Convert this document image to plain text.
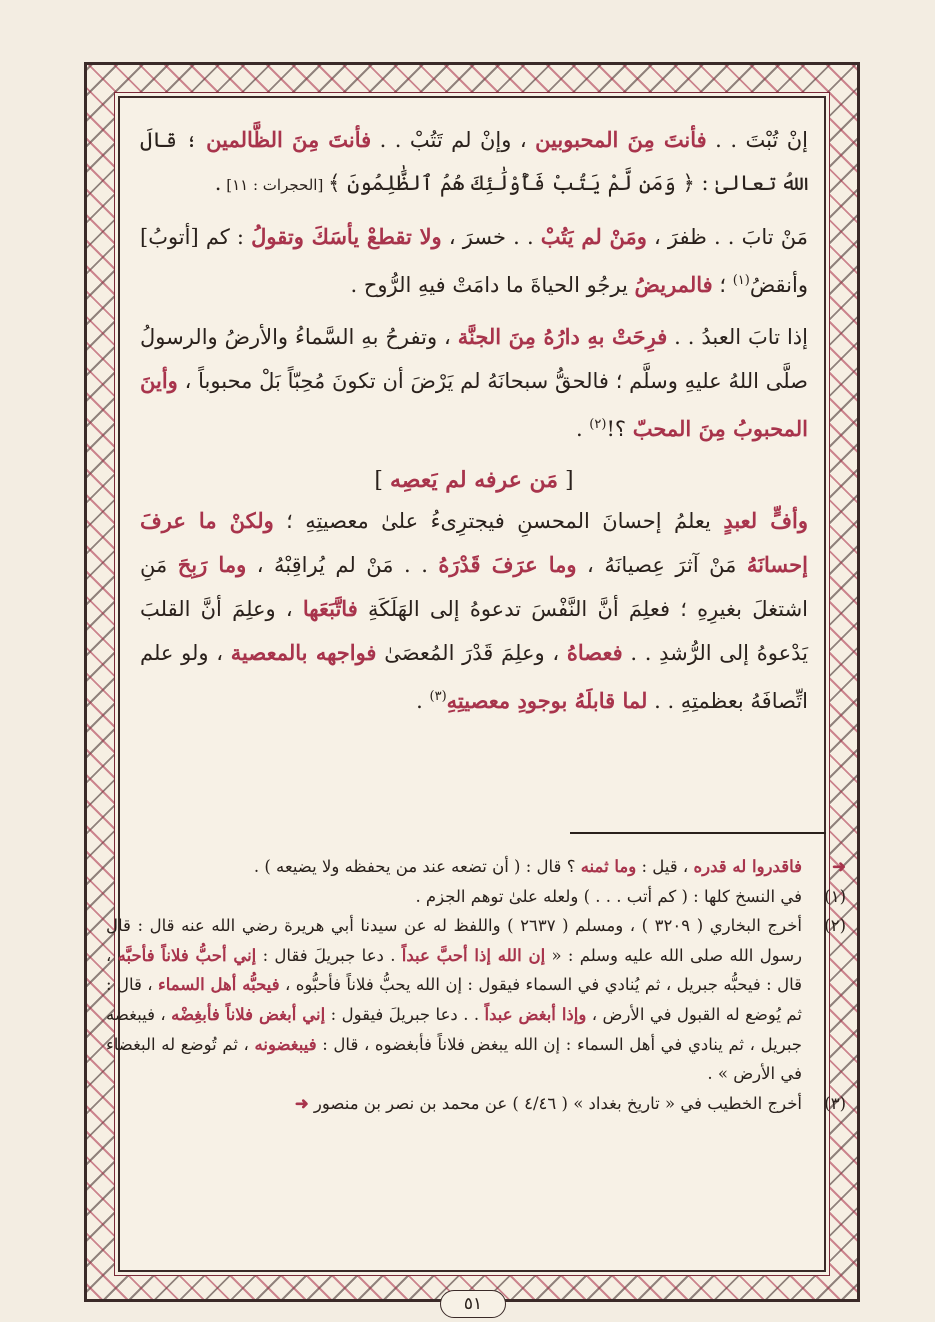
إنْ تُبْتَ . . فأنتَ مِنَ المحبوبين ، وإنْ لم تَتُبْ . . فأنتَ مِنَ الظَّالمين ؛ قالَ اللهُ تعالىٰ : ﴿ وَمَن لَّمْ يَتُبْ فَأُوْلَٰئِكَ هُمُ ٱلظَّٰلِمُونَ ﴾ [الحجرات : ١١] .

مَنْ تابَ . . ظفرَ ، ومَنْ لم يَتُبْ . . خسرَ ، ولا تقطعْ يأسَكَ وتقولُ : كم [أتوبُ] وأنقضُ$^{(١)}$ ؛ فالمريضُ يرجُو الحياةَ ما دامَتْ فيهِ الرُّوح .

إذا تابَ العبدُ . . فرِحَتْ بهِ دارُهُ مِنَ الجنَّة ، وتفرحُ بهِ السَّماءُ والأرضُ والرسولُ صلَّى اللهُ عليهِ وسلَّم ؛ فالحقُّ سبحانَهُ لم يَرْضَ أن تكونَ مُحِبّاً بَلْ محبوباً ، وأينَ المحبوبُ مِنَ المحبّ ؟!$^{(٢)}$ .

[ مَن عرفه لم يَعصِه ]

وأفٍّ لعبدٍ يعلمُ إحسانَ المحسنِ فيجترِىءُ علىٰ معصيتِهِ ؛ ولكنْ ما عرفَ إحسانَهُ مَنْ آثرَ عِصيانَهُ ، وما عرَفَ قَدْرَهُ . . مَنْ لم يُراقِبْهُ ، وما رَبِحَ مَنِ اشتغلَ بغيرِهِ ؛ فعلِمَ أنَّ النَّفْسَ تدعوهُ إلى الهَلَكَةِ فاتَّبَعَها ، وعلِمَ أنَّ القلبَ يَدْعوهُ إلى الرُّشدِ . . فعصاهُ ، وعلِمَ قَدْرَ المُعصَىٰ فواجهه بالمعصية ، ولو علم اتِّصافَهُ بعظمتِهِ . . لما قابلَهُ بوجودِ معصيتِهِ$^{(٣)}$ .

➜
فاقدروا له قدره ، قيل : وما ثمنه ؟ قال : ( أن تضعه عند من يحفظه ولا يضيعه ) .
(١)
في النسخ كلها : ( كم أتب . . . ) ولعله علىٰ توهم الجزم .
(٢)
أخرج البخاري ( ٣٢٠٩ ) ، ومسلم ( ٢٦٣٧ ) واللفظ له عن سيدنا أبي هريرة رضي الله عنه قال : قال رسول الله صلى الله عليه وسلم : « إن الله إذا أحبَّ عبداً . دعا جبريلَ فقال : إني أحبُّ فلاناً فأحبَّه ، قال : فيحبُّه جبريل ، ثم يُنادي في السماء فيقول : إن الله يحبُّ فلاناً فأحبُّوه ، فيحبُّه أهل السماء ، قال : ثم يُوضع له القبول في الأرض ، وإذا أبغض عبداً . . دعا جبريلَ فيقول : إني أبغض فلاناً فأبغِضْه ، فيبغضه جبريل ، ثم ينادي في أهل السماء : إن الله يبغض فلاناً فأبغضوه ، قال : فيبغضونه ، ثم تُوضع له البغضاء في الأرض » .
(٣)
أخرج الخطيب في « تاريخ بغداد » ( ٤/٤٦ ) عن محمد بن نصر بن منصور ➜
٥١
